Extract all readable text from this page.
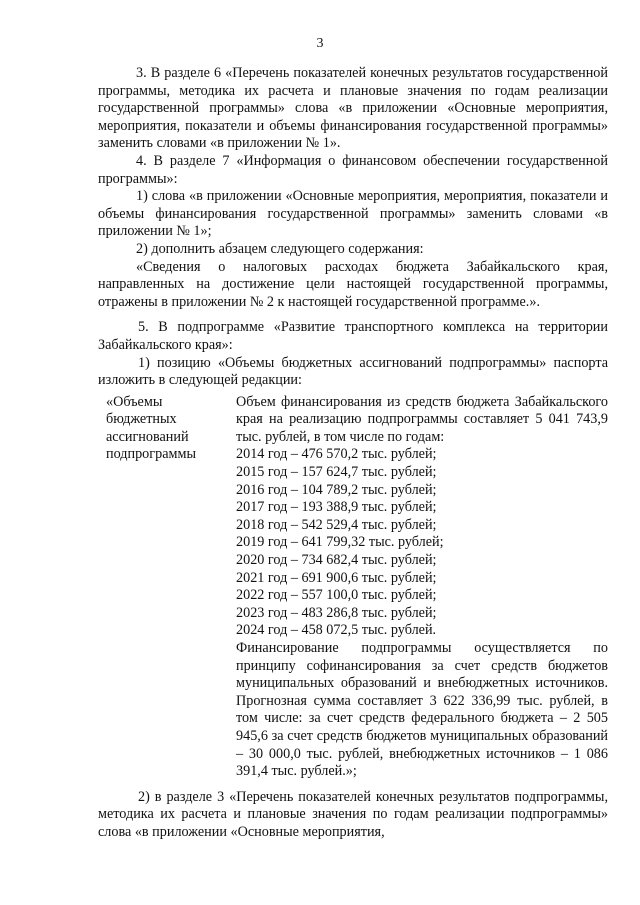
3

3. В разделе 6 «Перечень показателей конечных результатов государственной программы, методика их расчета и плановые значения по годам реализации государственной программы» слова «в приложении «Основные мероприятия, мероприятия, показатели и объемы финансирования государственной программы» заменить словами «в приложении № 1».

4. В разделе 7 «Информация о финансовом обеспечении государственной программы»:

1) слова «в приложении «Основные мероприятия, мероприятия, показатели и объемы финансирования государственной программы» заменить словами «в приложении № 1»;

2) дополнить абзацем следующего содержания:

«Сведения о налоговых расходах бюджета Забайкальского края, направленных на достижение цели настоящей государственной программы, отражены в приложении № 2 к настоящей государственной программе.».

5. В подпрограмме «Развитие транспортного комплекса на территории Забайкальского края»:

1) позицию «Объемы бюджетных ассигнований подпрограммы» паспорта изложить в следующей редакции:

«Объемы бюджетных ассигнований подпрограммы

Объем финансирования из средств бюджета Забайкальского края на реализацию подпрограммы составляет 5 041 743,9 тыс. рублей, в том числе по годам:

2014 год – 476 570,2 тыс. рублей;
2015 год – 157 624,7 тыс. рублей;
2016 год – 104 789,2 тыс. рублей;
2017 год – 193 388,9 тыс. рублей;
2018 год – 542 529,4 тыс. рублей;
2019 год – 641 799,32 тыс. рублей;
2020 год – 734 682,4 тыс. рублей;
2021 год – 691 900,6 тыс. рублей;
2022 год – 557 100,0 тыс. рублей;
2023 год – 483 286,8 тыс. рублей;
2024 год – 458 072,5 тыс. рублей.

Финансирование подпрограммы осуществляется по принципу софинансирования за счет средств бюджетов муниципальных образований и внебюджетных источников. Прогнозная сумма составляет 3 622 336,99 тыс. рублей, в том числе: за счет средств федерального бюджета – 2 505 945,6 за счет средств бюджетов муниципальных образований – 30 000,0 тыс. рублей, внебюджетных источников – 1 086 391,4 тыс. рублей.»;

2) в разделе 3 «Перечень показателей конечных результатов подпрограммы, методика их расчета и плановые значения по годам реализации подпрограммы» слова «в приложении «Основные мероприятия,
